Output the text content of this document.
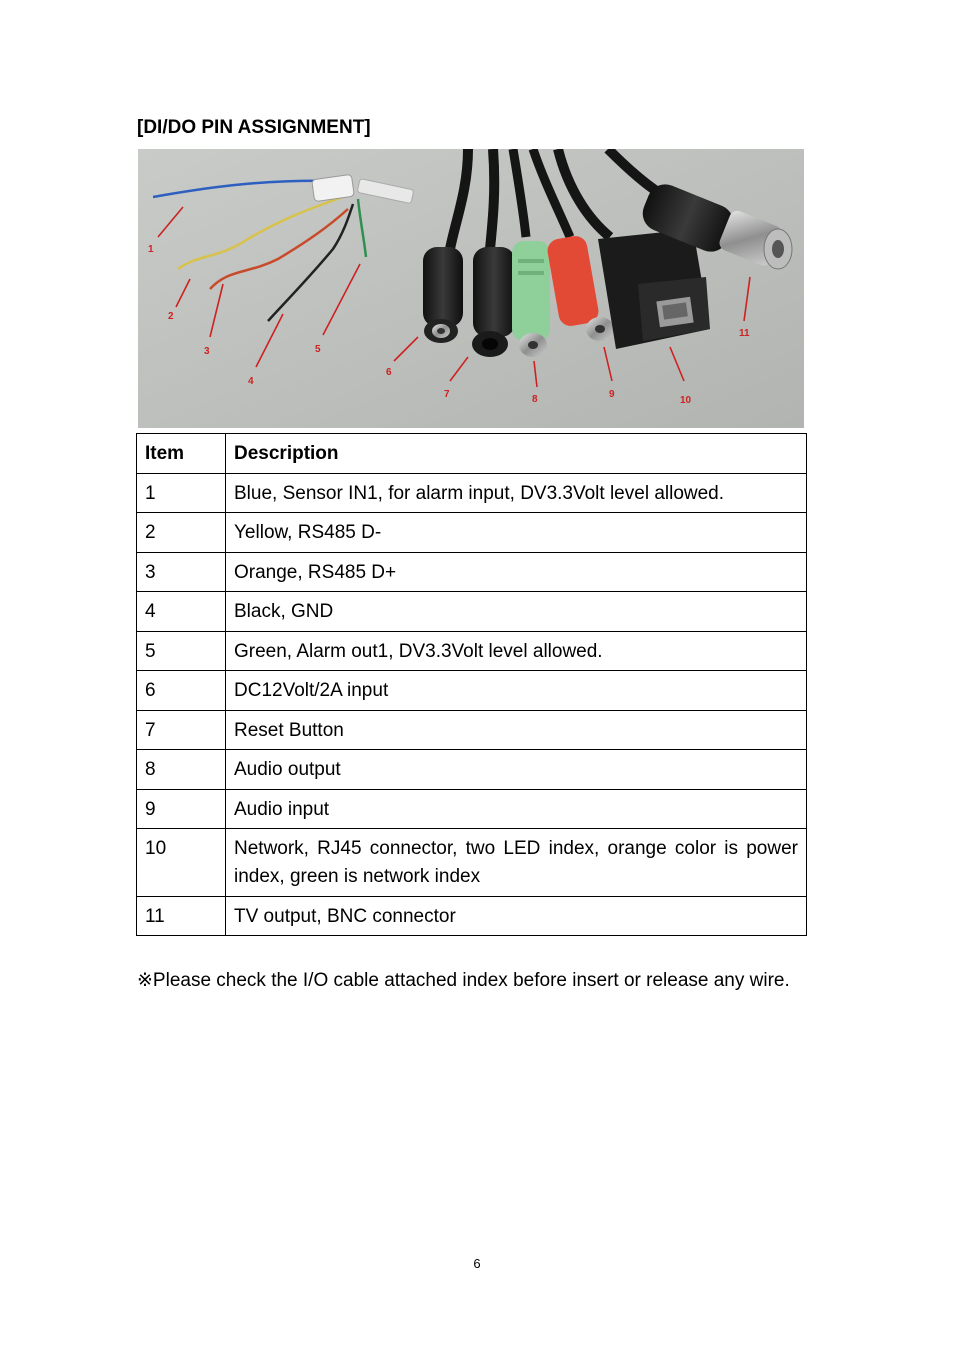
[DI/DO PIN ASSIGNMENT]
1
2
3
4
5
6
7	8	9
10
11
Item	Description
1	Blue, Sensor IN1, for alarm input, DV3.3Volt level allowed.
2	Yellow, RS485 D-
3	Orange, RS485 D+
4	Black, GND
5	Green, Alarm out1, DV3.3Volt level allowed.
6	DC12Volt/2A input
7	Reset Button
8	Audio output
9	Audio input
10	Network, RJ45 connector, two LED index, orange color is power index, green is network index
11	TV output, BNC connector
※Please check the I/O cable attached index before insert or release any wire.
6
